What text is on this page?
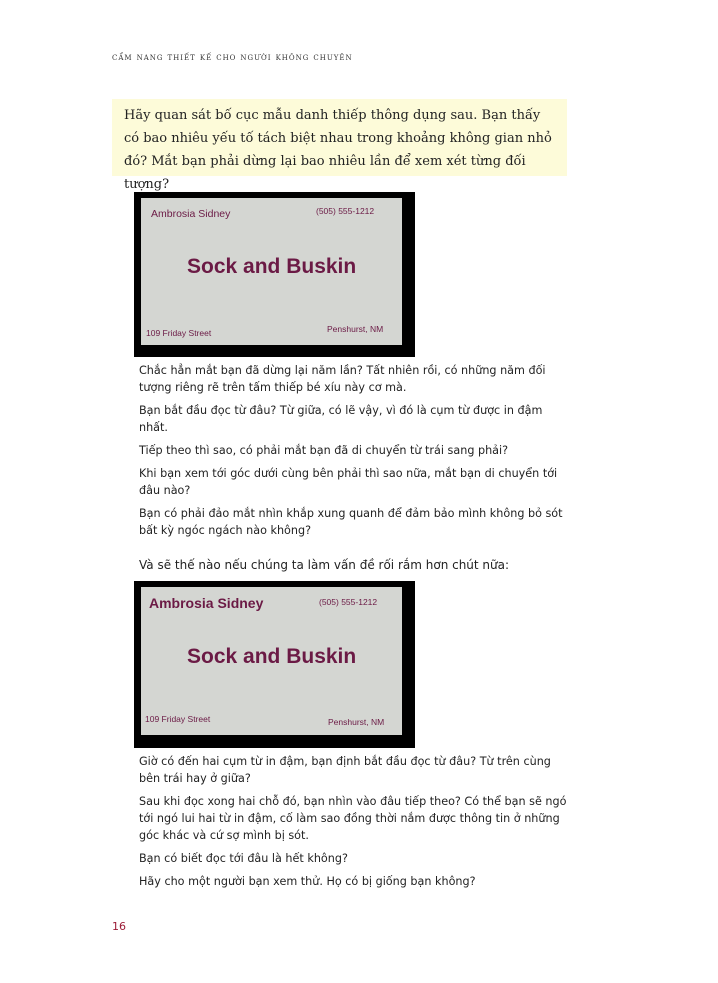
cẩm nang thiết kế cho người không chuyên
Hãy quan sát bố cục mẫu danh thiếp thông dụng sau. Bạn thấy có bao nhiêu yếu tố tách biệt nhau trong khoảng không gian nhỏ đó? Mắt bạn phải dừng lại bao nhiêu lần để xem xét từng đối tượng?
Ambrosia Sidney	(505) 555-1212
Sock and Buskin
109 Friday Street	Penshurst, NM
Chắc hẳn mắt bạn đã dừng lại năm lần? Tất nhiên rồi, có những năm đối tượng riêng rẽ trên tấm thiếp bé xíu này cơ mà.
Bạn bắt đầu đọc từ đâu? Từ giữa, có lẽ vậy, vì đó là cụm từ được in đậm nhất.
Tiếp theo thì sao, có phải mắt bạn đã di chuyển từ trái sang phải?
Khi bạn xem tới góc dưới cùng bên phải thì sao nữa, mắt bạn di chuyển tới đâu nào?
Bạn có phải đảo mắt nhìn khắp xung quanh để đảm bảo mình không bỏ sót bất kỳ ngóc ngách nào không?
Và sẽ thế nào nếu chúng ta làm vấn đề rối rắm hơn chút nữa:
Ambrosia Sidney	(505) 555-1212
Sock and Buskin
109 Friday Street	Penshurst, NM
Giờ có đến hai cụm từ in đậm, bạn định bắt đầu đọc từ đâu? Từ trên cùng bên trái hay ở giữa?
Sau khi đọc xong hai chỗ đó, bạn nhìn vào đâu tiếp theo? Có thể bạn sẽ ngó tới ngó lui hai từ in đậm, cố làm sao đồng thời nắm được thông tin ở những góc khác và cứ sợ mình bị sót.
Bạn có biết đọc tới đâu là hết không?
Hãy cho một người bạn xem thử. Họ có bị giống bạn không?
16
